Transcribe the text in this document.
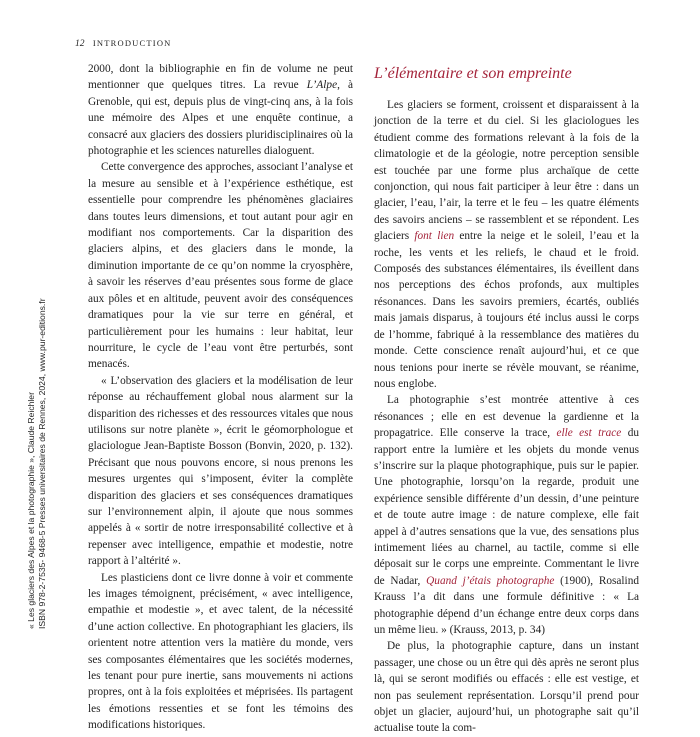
12 INTRODUCTION

2000, dont la bibliographie en fin de volume ne peut mentionner que quelques titres. La revue L’Alpe, à Grenoble, qui est, depuis plus de vingt-cinq ans, à la fois une mémoire des Alpes et une enquête continue, a consacré aux glaciers des dossiers pluridisciplinaires où la photographie et les sciences naturelles dialoguent.

Cette convergence des approches, associant l’analyse et la mesure au sensible et à l’expérience esthétique, est essentielle pour comprendre les phénomènes glaciaires dans toutes leurs dimensions, et tout autant pour agir en modifiant nos comportements. Car la disparition des glaciers alpins, et des glaciers dans le monde, la diminution importante de ce qu’on nomme la cryosphère, à savoir les réserves d’eau présentes sous forme de glace aux pôles et en altitude, peuvent avoir des conséquences dramatiques pour la vie sur terre en général, et particulièrement pour les humains : leur habitat, leur nourriture, le cycle de l’eau vont être perturbés, sont menacés.

« L’observation des glaciers et la modélisation de leur réponse au réchauffement global nous alarment sur la disparition des richesses et des ressources vitales que nous utilisons sur notre planète », écrit le géomorphologue et glaciologue Jean-Baptiste Bosson (Bonvin, 2020, p. 132). Précisant que nous pouvons encore, si nous prenons les mesures urgentes qui s’imposent, éviter la complète disparition des glaciers et ses conséquences dramatiques sur l’environnement alpin, il ajoute que nous sommes appelés à « sortir de notre irresponsabilité collective et à repenser avec intelligence, empathie et modestie, notre rapport à l’altérité ».

Les plasticiens dont ce livre donne à voir et commente les images témoignent, précisément, « avec intelligence, empathie et modestie », et avec talent, de la nécessité d’une action collective. En photographiant les glaciers, ils orientent notre attention vers la matière du monde, vers ses composantes élémentaires que les sociétés modernes, les tenant pour pure inertie, sans mouvements ni actions propres, ont à la fois exploitées et méprisées. Ils partagent les émotions ressenties et se font les témoins des modifications historiques.

L’élémentaire et son empreinte

Les glaciers se forment, croissent et disparaissent à la jonction de la terre et du ciel. Si les glaciologues les étudient comme des formations relevant à la fois de la climatologie et de la géologie, notre perception sensible est touchée par une forme plus archaïque de cette conjonction, qui nous fait participer à leur être : dans un glacier, l’eau, l’air, la terre et le feu – les quatre éléments des savoirs anciens – se rassemblent et se répondent. Les glaciers font lien entre la neige et le soleil, l’eau et la roche, les vents et les reliefs, le chaud et le froid. Composés des substances élémentaires, ils éveillent dans nos perceptions des échos profonds, aux multiples résonances. Dans les savoirs premiers, écartés, oubliés mais jamais disparus, à toujours été inclus aussi le corps de l’homme, fabriqué à la ressemblance des matières du monde. Cette conscience renaît aujourd’hui, et ce que nous tenions pour inerte se révèle mouvant, se réanime, nous englobe.

La photographie s’est montrée attentive à ces résonances ; elle en est devenue la gardienne et la propagatrice. Elle conserve la trace, elle est trace du rapport entre la lumière et les objets du monde venus s’inscrire sur la plaque photographique, puis sur le papier. Une photographie, lorsqu’on la regarde, produit une expérience sensible différente d’un dessin, d’une peinture et de toute autre image : de nature complexe, elle fait appel à d’autres sensations que la vue, des sensations plus intimement liées au charnel, au tactile, comme si elle déposait sur le corps une empreinte. Commentant le livre de Nadar, Quand j’étais photographe (1900), Rosalind Krauss l’a dit dans une formule définitive : « La photographie dépend d’un échange entre deux corps dans un même lieu. » (Krauss, 2013, p. 34)

De plus, la photographie capture, dans un instant passager, une chose ou un être qui dès après ne seront plus là, qui se seront modifiés ou effacés : elle est vestige, et non pas seulement représentation. Lorsqu’il prend pour objet un glacier, aujourd’hui, un photographe sait qu’il actualise toute la com-

« Les glaciers des Alpes et la photographie », Claude Reichler ISBN 978-2-7535- 9468-5 Presses universitaires de Rennes, 2024, www.pur-editions.fr
